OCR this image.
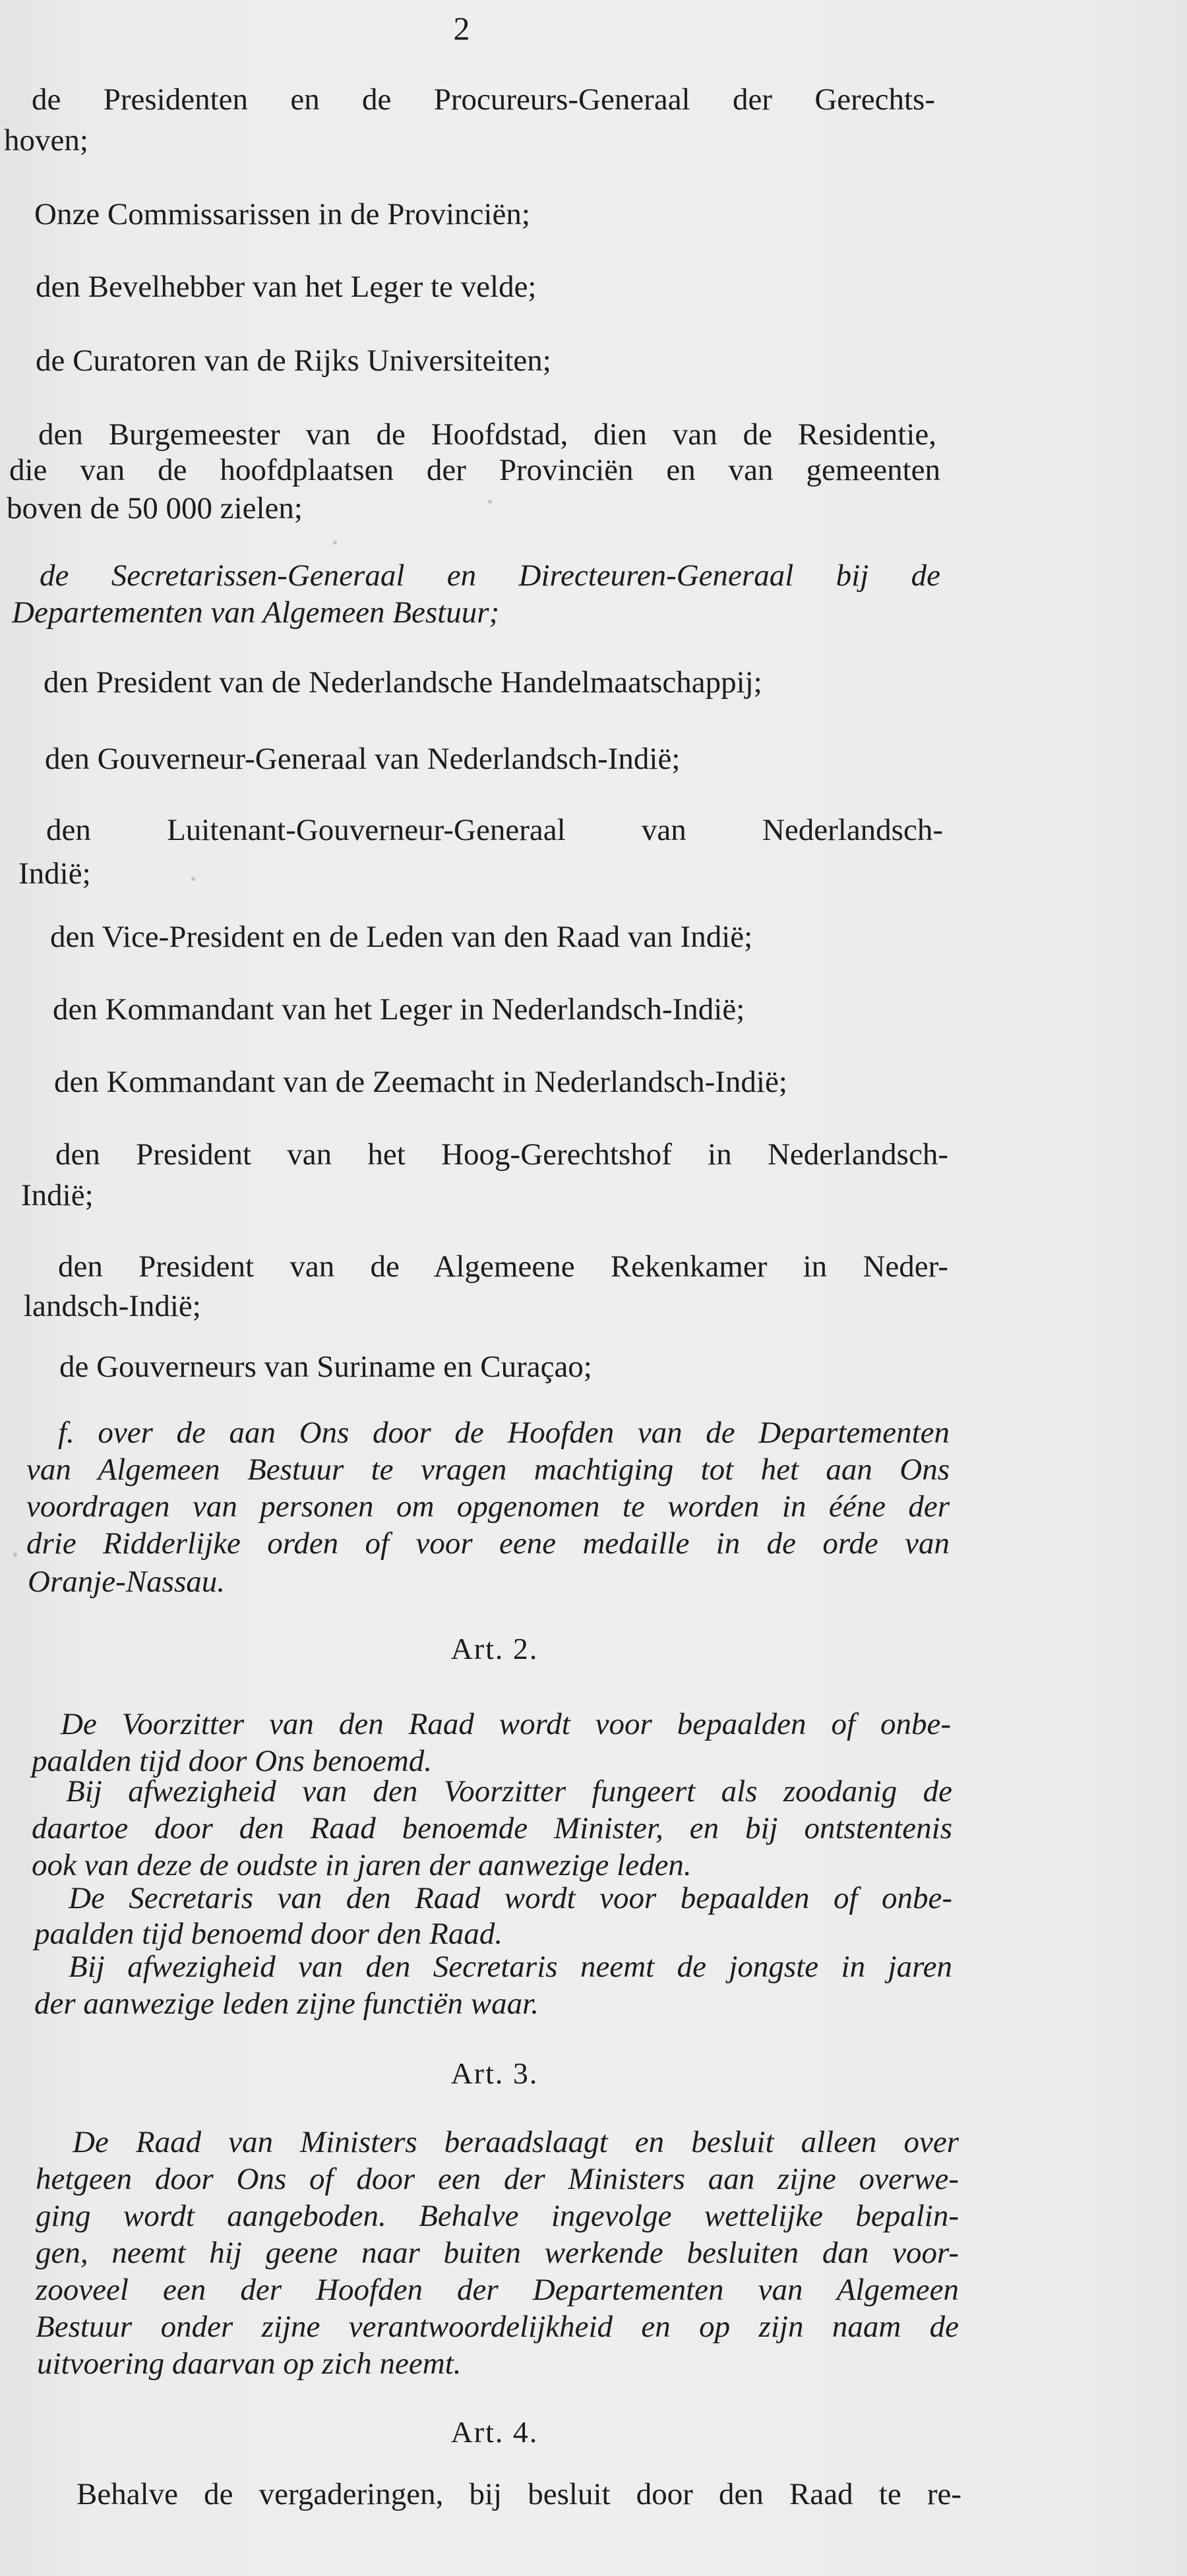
2
de Presidenten en de Procureurs-Generaal der Gerechts-
hoven;
Onze Commissarissen in de Provinciën;
den Bevelhebber van het Leger te velde;
de Curatoren van de Rijks Universiteiten;
den Burgemeester van de Hoofdstad, dien van de Residentie,
die van de hoofdplaatsen der Provinciën en van gemeenten
boven de 50 000 zielen;
de Secretarissen-Generaal en Directeuren-Generaal bij de
Departementen van Algemeen Bestuur;
den President van de Nederlandsche Handelmaatschappij;
den Gouverneur-Generaal van Nederlandsch-Indië;
den Luitenant-Gouverneur-Generaal van Nederlandsch-
Indië;
den Vice-President en de Leden van den Raad van Indië;
den Kommandant van het Leger in Nederlandsch-Indië;
den Kommandant van de Zeemacht in Nederlandsch-Indië;
den President van het Hoog-Gerechtshof in Nederlandsch-
Indië;
den President van de Algemeene Rekenkamer in Neder-
landsch-Indië;
de Gouverneurs van Suriname en Curaçao;
f. over de aan Ons door de Hoofden van de Departementen
van Algemeen Bestuur te vragen machtiging tot het aan Ons
voordragen van personen om opgenomen te worden in ééne der
drie Ridderlijke orden of voor eene medaille in de orde van
Oranje-Nassau.
Art. 2.
De Voorzitter van den Raad wordt voor bepaalden of onbe-
paalden tijd door Ons benoemd.
Bij afwezigheid van den Voorzitter fungeert als zoodanig de
daartoe door den Raad benoemde Minister, en bij ontstentenis
ook van deze de oudste in jaren der aanwezige leden.
De Secretaris van den Raad wordt voor bepaalden of onbe-
paalden tijd benoemd door den Raad.
Bij afwezigheid van den Secretaris neemt de jongste in jaren
der aanwezige leden zijne functiën waar.
Art. 3.
De Raad van Ministers beraadslaagt en besluit alleen over
hetgeen door Ons of door een der Ministers aan zijne overwe-
ging wordt aangeboden. Behalve ingevolge wettelijke bepalin-
gen, neemt hij geene naar buiten werkende besluiten dan voor-
zooveel een der Hoofden der Departementen van Algemeen
Bestuur onder zijne verantwoordelijkheid en op zijn naam de
uitvoering daarvan op zich neemt.
Art. 4.
Behalve de vergaderingen, bij besluit door den Raad te re-
